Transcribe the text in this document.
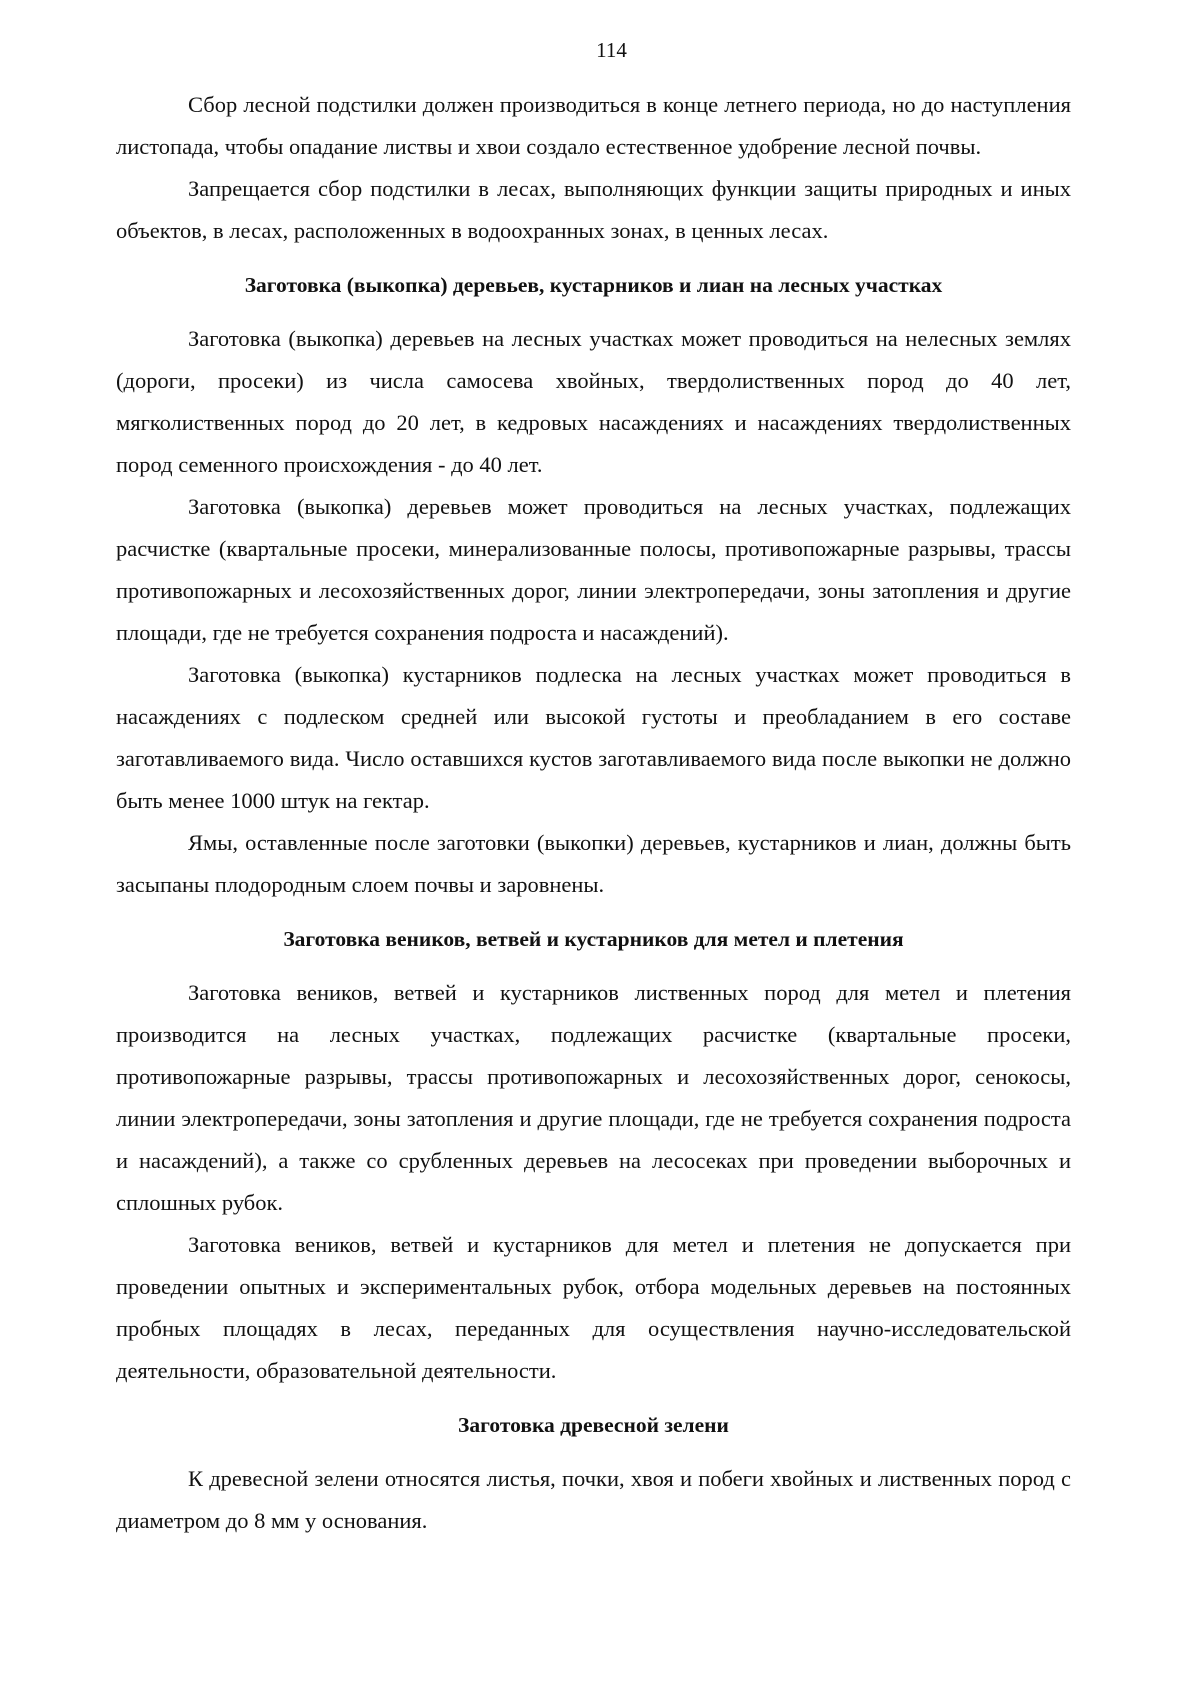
114

Сбор лесной подстилки должен производиться в конце летнего периода, но до наступления листопада, чтобы опадание листвы и хвои создало естественное удобрение лесной почвы.

Запрещается сбор подстилки в лесах, выполняющих функции защиты природных и иных объектов, в лесах, расположенных в водоохранных зонах, в ценных лесах.

Заготовка (выкопка) деревьев, кустарников и лиан на лесных участках

Заготовка (выкопка) деревьев на лесных участках может проводиться на нелесных землях (дороги, просеки) из числа самосева хвойных, твердолиственных пород до 40 лет, мягколиственных пород до 20 лет, в кедровых насаждениях и насаждениях твердолиственных пород семенного происхождения - до 40 лет.

Заготовка (выкопка) деревьев может проводиться на лесных участках, подлежащих расчистке (квартальные просеки, минерализованные полосы, противопожарные разрывы, трассы противопожарных и лесохозяйственных дорог, линии электропередачи, зоны затопления и другие площади, где не требуется сохранения подроста и насаждений).

Заготовка (выкопка) кустарников подлеска на лесных участках может проводиться в насаждениях с подлеском средней или высокой густоты и преобладанием в его составе заготавливаемого вида. Число оставшихся кустов заготавливаемого вида после выкопки не должно быть менее 1000 штук на гектар.

Ямы, оставленные после заготовки (выкопки) деревьев, кустарников и лиан, должны быть засыпаны плодородным слоем почвы и заровнены.

Заготовка веников, ветвей и кустарников для метел и плетения

Заготовка веников, ветвей и кустарников лиственных пород для метел и плетения производится на лесных участках, подлежащих расчистке (квартальные просеки, противопожарные разрывы, трассы противопожарных и лесохозяйственных дорог, сенокосы, линии электропередачи, зоны затопления и другие площади, где не требуется сохранения подроста и насаждений), а также со срубленных деревьев на лесосеках при проведении выборочных и сплошных рубок.

Заготовка веников, ветвей и кустарников для метел и плетения не допускается при проведении опытных и экспериментальных рубок, отбора модельных деревьев на постоянных пробных площадях в лесах, переданных для осуществления научно-исследовательской деятельности, образовательной деятельности.

Заготовка древесной зелени

К древесной зелени относятся листья, почки, хвоя и побеги хвойных и лиственных пород с диаметром до 8 мм у основания.
